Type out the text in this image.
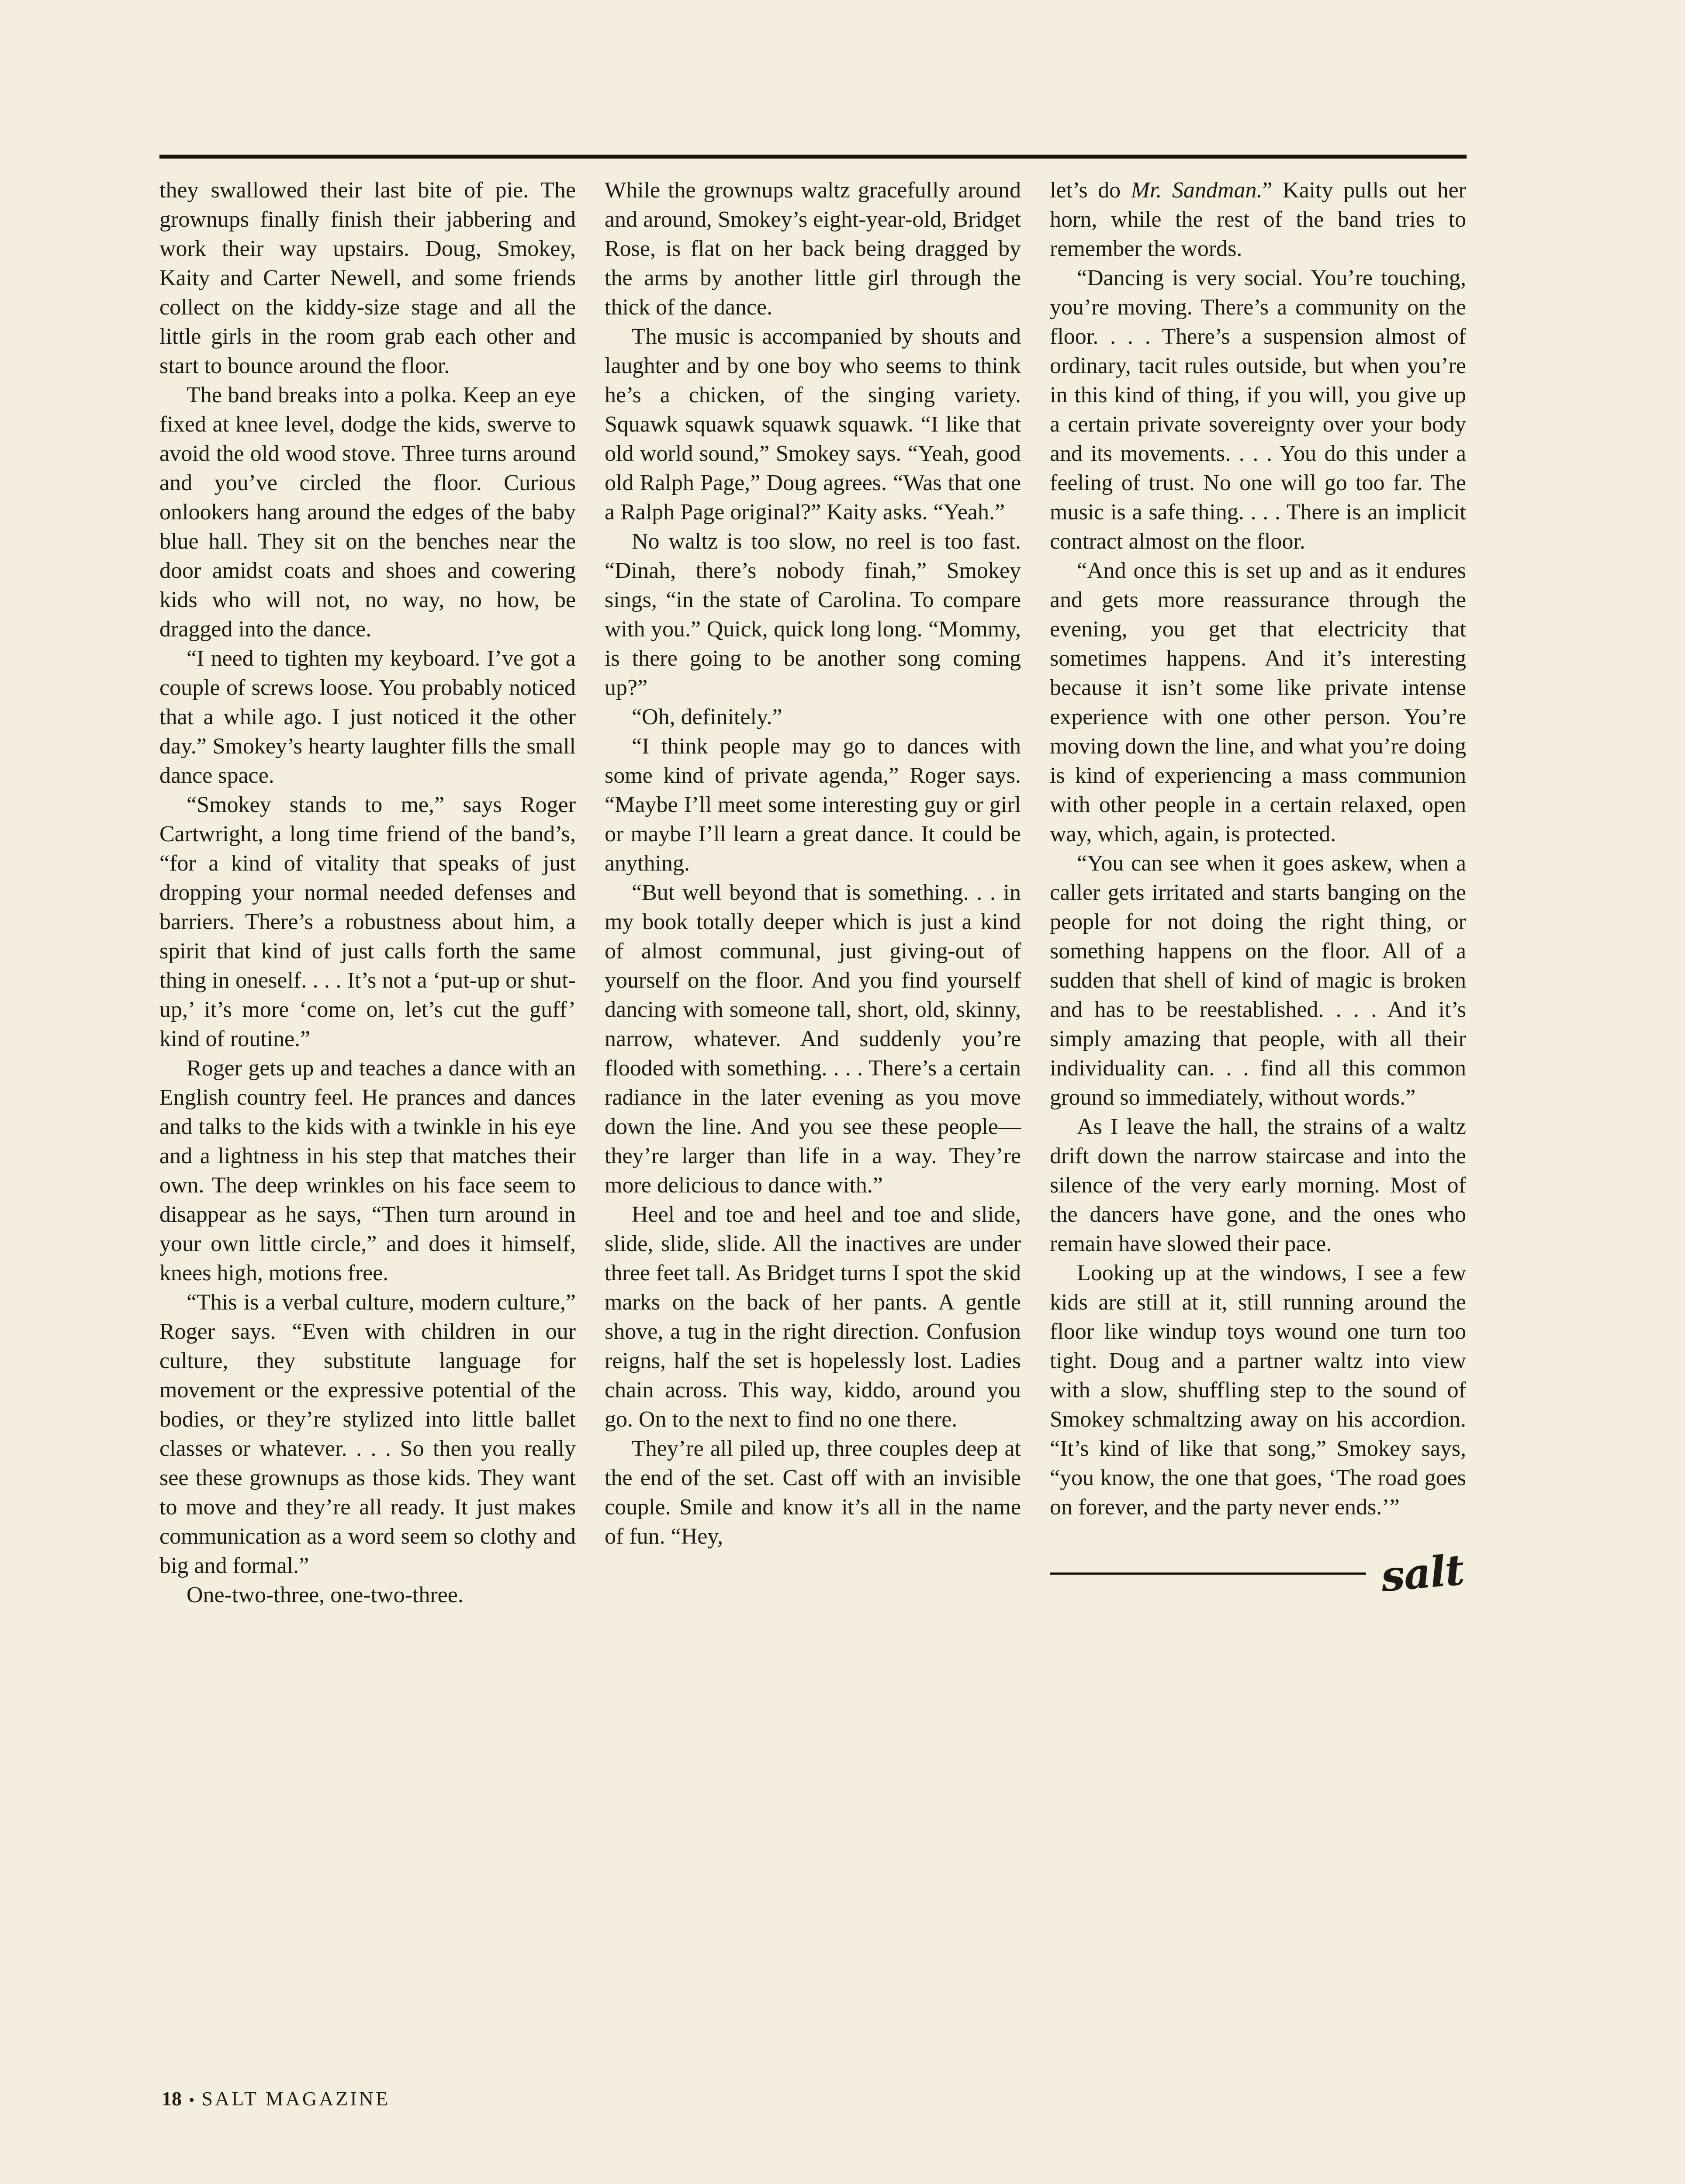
they swallowed their last bite of pie. The grownups finally finish their jabbering and work their way upstairs. Doug, Smokey, Kaity and Carter Newell, and some friends collect on the kiddy-size stage and all the little girls in the room grab each other and start to bounce around the floor.

The band breaks into a polka. Keep an eye fixed at knee level, dodge the kids, swerve to avoid the old wood stove. Three turns around and you’ve circled the floor. Curious onlookers hang around the edges of the baby blue hall. They sit on the benches near the door amidst coats and shoes and cowering kids who will not, no way, no how, be dragged into the dance.

“I need to tighten my keyboard. I’ve got a couple of screws loose. You probably noticed that a while ago. I just noticed it the other day.” Smokey’s hearty laughter fills the small dance space.

“Smokey stands to me,” says Roger Cartwright, a long time friend of the band’s, “for a kind of vitality that speaks of just dropping your normal needed defenses and barriers. There’s a robustness about him, a spirit that kind of just calls forth the same thing in oneself. . . . It’s not a ‘put-up or shut-up,’ it’s more ‘come on, let’s cut the guff’ kind of routine.”

Roger gets up and teaches a dance with an English country feel. He prances and dances and talks to the kids with a twinkle in his eye and a lightness in his step that matches their own. The deep wrinkles on his face seem to disappear as he says, “Then turn around in your own little circle,” and does it himself, knees high, motions free.

“This is a verbal culture, modern culture,” Roger says. “Even with children in our culture, they substitute language for movement or the expressive potential of the bodies, or they’re stylized into little ballet classes or whatever. . . . So then you really see these grownups as those kids. They want to move and they’re all ready. It just makes communication as a word seem so clothy and big and formal.”

One-two-three, one-two-three.

While the grownups waltz gracefully around and around, Smokey’s eight-year-old, Bridget Rose, is flat on her back being dragged by the arms by another little girl through the thick of the dance.

The music is accompanied by shouts and laughter and by one boy who seems to think he’s a chicken, of the singing variety. Squawk squawk squawk squawk. “I like that old world sound,” Smokey says. “Yeah, good old Ralph Page,” Doug agrees. “Was that one a Ralph Page original?” Kaity asks. “Yeah.”

No waltz is too slow, no reel is too fast. “Dinah, there’s nobody finah,” Smokey sings, “in the state of Carolina. To compare with you.” Quick, quick long long. “Mommy, is there going to be another song coming up?”

“Oh, definitely.”

“I think people may go to dances with some kind of private agenda,” Roger says. “Maybe I’ll meet some interesting guy or girl or maybe I’ll learn a great dance. It could be anything.

“But well beyond that is something. . . in my book totally deeper which is just a kind of almost communal, just giving-out of yourself on the floor. And you find yourself dancing with someone tall, short, old, skinny, narrow, whatever. And suddenly you’re flooded with something. . . . There’s a certain radiance in the later evening as you move down the line. And you see these people—they’re larger than life in a way. They’re more delicious to dance with.”

Heel and toe and heel and toe and slide, slide, slide, slide. All the inactives are under three feet tall. As Bridget turns I spot the skid marks on the back of her pants. A gentle shove, a tug in the right direction. Confusion reigns, half the set is hopelessly lost. Ladies chain across. This way, kiddo, around you go. On to the next to find no one there.

They’re all piled up, three couples deep at the end of the set. Cast off with an invisible couple. Smile and know it’s all in the name of fun. “Hey,

let’s do Mr. Sandman.” Kaity pulls out her horn, while the rest of the band tries to remember the words.

“Dancing is very social. You’re touching, you’re moving. There’s a community on the floor. . . . There’s a suspension almost of ordinary, tacit rules outside, but when you’re in this kind of thing, if you will, you give up a certain private sovereignty over your body and its movements. . . . You do this under a feeling of trust. No one will go too far. The music is a safe thing. . . . There is an implicit contract almost on the floor.

“And once this is set up and as it endures and gets more reassurance through the evening, you get that electricity that sometimes happens. And it’s interesting because it isn’t some like private intense experience with one other person. You’re moving down the line, and what you’re doing is kind of experiencing a mass communion with other people in a certain relaxed, open way, which, again, is protected.

“You can see when it goes askew, when a caller gets irritated and starts banging on the people for not doing the right thing, or something happens on the floor. All of a sudden that shell of kind of magic is broken and has to be reestablished. . . . And it’s simply amazing that people, with all their individuality can. . . find all this common ground so immediately, without words.”

As I leave the hall, the strains of a waltz drift down the narrow staircase and into the silence of the very early morning. Most of the dancers have gone, and the ones who remain have slowed their pace.

Looking up at the windows, I see a few kids are still at it, still running around the floor like windup toys wound one turn too tight. Doug and a partner waltz into view with a slow, shuffling step to the sound of Smokey schmaltzing away on his accordion. “It’s kind of like that song,” Smokey says, “you know, the one that goes, ‘The road goes on forever, and the party never ends.’”

salt
18 • SALT MAGAZINE
